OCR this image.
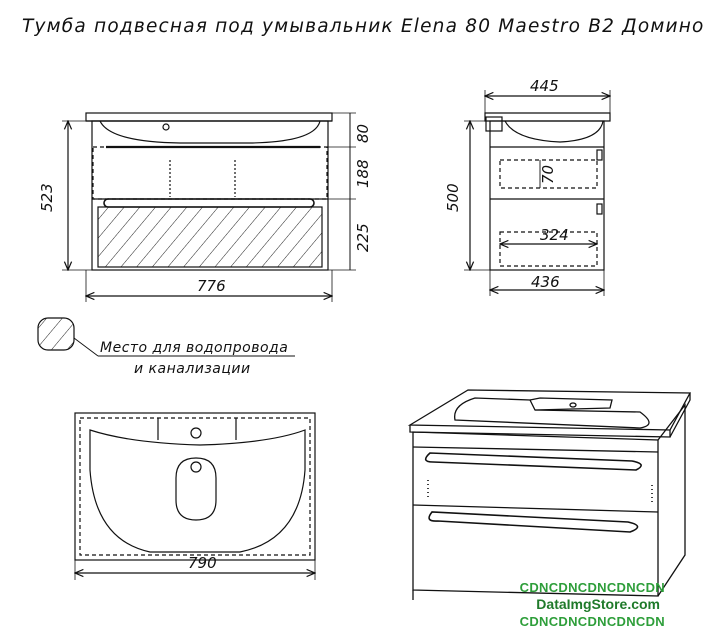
Тумба подвесная под умывальник Elena 80 Maestro B2 Домино
523
80
188
225
776
445
500
70
324
436
Место для водопровода
и канализации
790
CDNCDNCDNCDNCDN
DataImgStore.com
CDNCDNCDNCDNCDN
